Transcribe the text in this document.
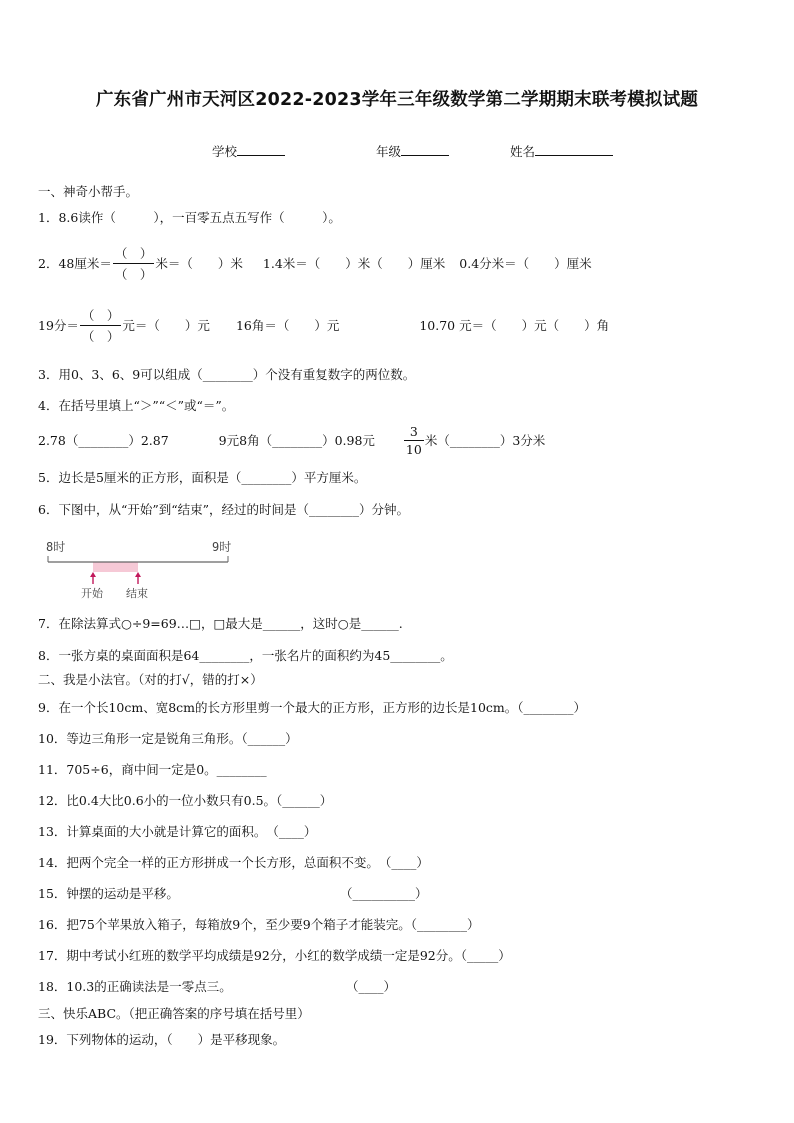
广东省广州市天河区2022-2023学年三年级数学第二学期期末联考模拟试题
学校	年级	姓名
一、神奇小帮手。
1．8.6读作（　　　），一百零五点五写作（　　　）。
2． 48厘米＝ $\frac{( )}{( )}$ 米＝（　　）米 1.4米＝（　　）米（　　）厘米 0.4分米＝（　　）厘米
19分＝ $\frac{( )}{( )}$ 元＝（　　）元 16角＝（　　）元	10.70 元＝（　　）元（　　）角
3．用0、3、6、9可以组成（________）个没有重复数字的两位数。
4．在括号里填上“＞”“＜”或“＝”。
2.78（________）2.87	9元8角（________）0.98元 $\frac{3}{10}$ 米（________）3分米
5．边长是5厘米的正方形，面积是（________）平方厘米。
6．下图中，从“开始”到“结束”，经过的时间是（________）分钟。
8时	9时
开始 结束
7．在除法算式○÷9=69…□，□最大是______，这时○是______.
8．一张方桌的桌面面积是64________，一张名片的面积约为45________。
二、我是小法官。（对的打√，错的打×）
9．在一个长10cm、宽8cm的长方形里剪一个最大的正方形，正方形的边长是10cm。（________）
10．等边三角形一定是锐角三角形。（______）
11．705÷6，商中间一定是0。________
12．比0.4大比0.6小的一位小数只有0.5。（______）
13．计算桌面的大小就是计算它的面积。　（____）
14．把两个完全一样的正方形拼成一个长方形，总面积不变。　（____）
15．钟摆的运动是平移。	（__________）
16．把75个苹果放入箱子，每箱放9个，至少要9个箱子才能装完。（________）
17．期中考试小红班的数学平均成绩是92分，小红的数学成绩一定是92分。（_____）
18．10.3的正确读法是一零点三。	（____）
三、快乐ABC。（把正确答案的序号填在括号里）
19．下列物体的运动，（　　）是平移现象。
